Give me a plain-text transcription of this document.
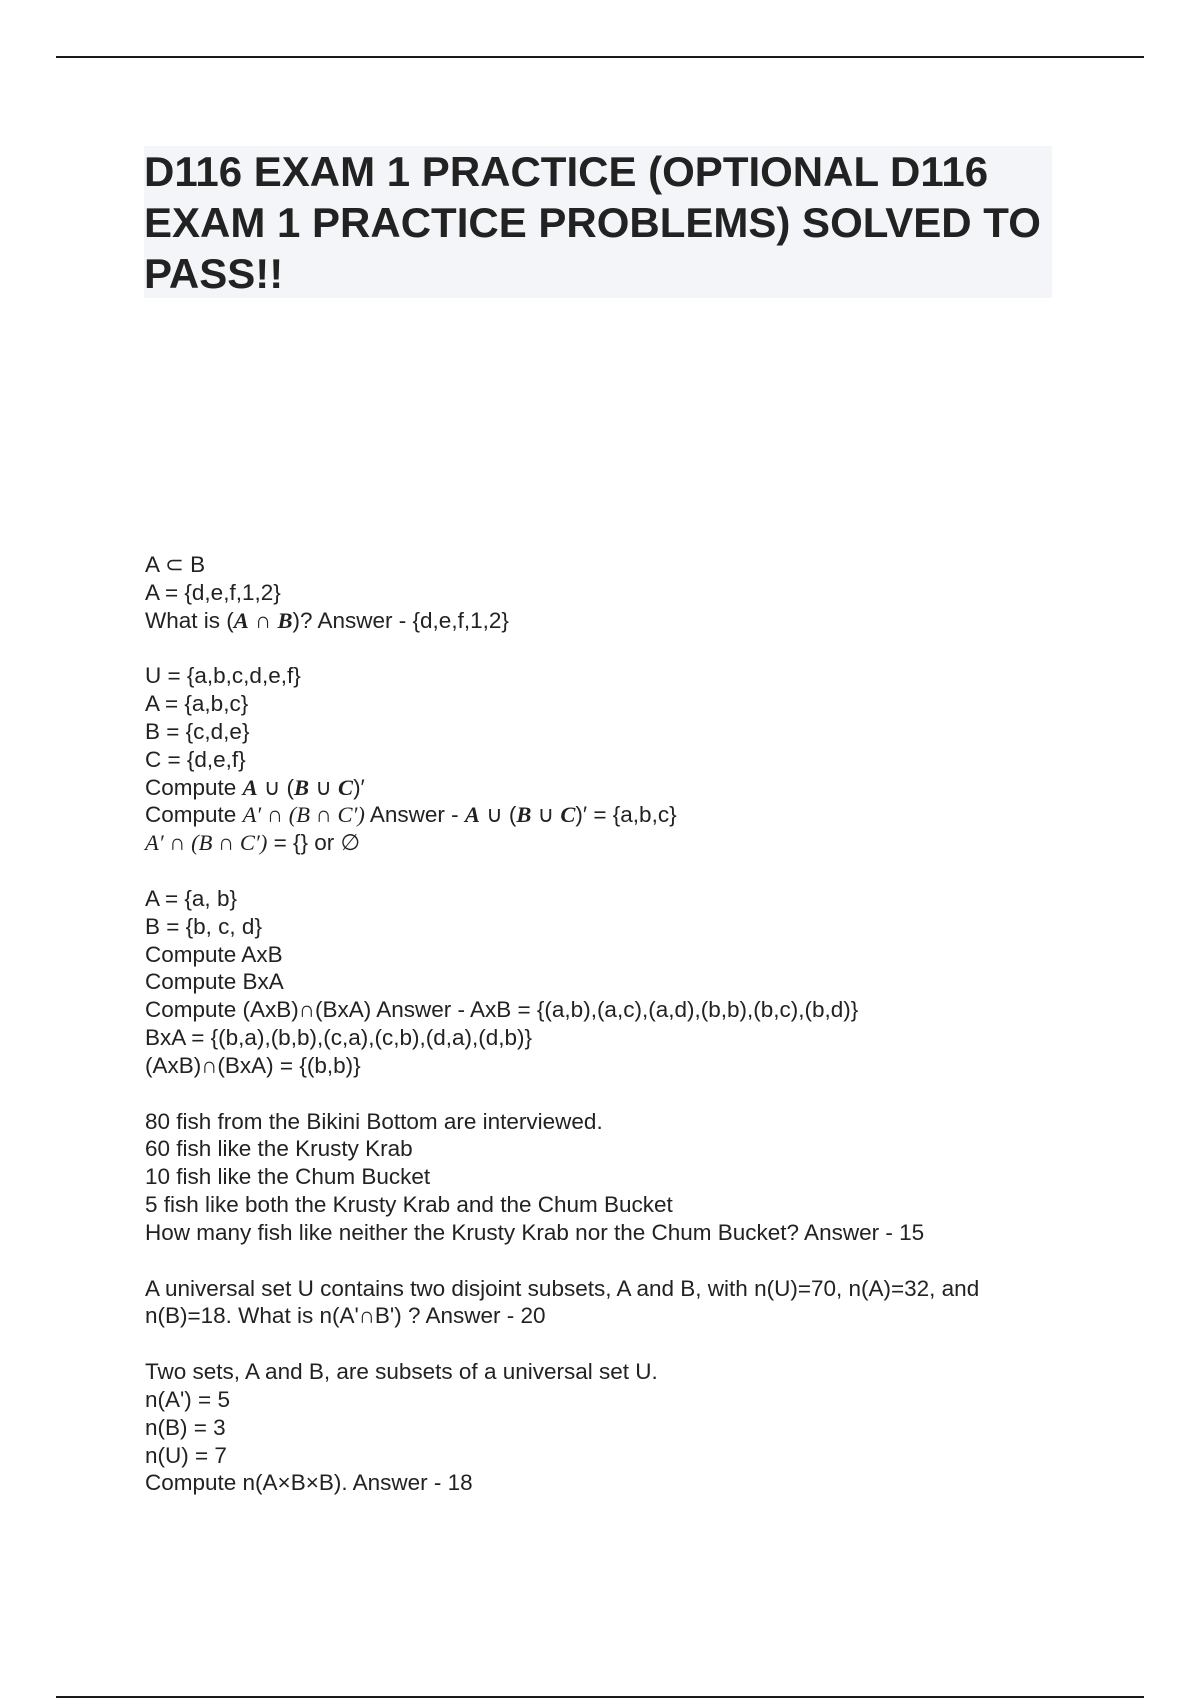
D116 EXAM 1 PRACTICE (OPTIONAL D116 EXAM 1 PRACTICE PROBLEMS) SOLVED TO PASS!!
A ⊂ B
A = {d,e,f,1,2}
What is (A ∩ B)? Answer - {d,e,f,1,2}
U = {a,b,c,d,e,f}
A = {a,b,c}
B = {c,d,e}
C = {d,e,f}
Compute A ∪ (B ∪ C)′
Compute A′ ∩ (B ∩ C′) Answer - A ∪ (B ∪ C)′ = {a,b,c}
A′ ∩ (B ∩ C′) = {} or ∅
A = {a, b}
B = {b, c, d}
Compute AxB
Compute BxA
Compute (AxB)∩(BxA) Answer - AxB = {(a,b),(a,c),(a,d),(b,b),(b,c),(b,d)}
BxA = {(b,a),(b,b),(c,a),(c,b),(d,a),(d,b)}
(AxB)∩(BxA) = {(b,b)}
80 fish from the Bikini Bottom are interviewed.
60 fish like the Krusty Krab
10 fish like the Chum Bucket
5 fish like both the Krusty Krab and the Chum Bucket
How many fish like neither the Krusty Krab nor the Chum Bucket? Answer - 15
A universal set U contains two disjoint subsets, A and B, with n(U)=70, n(A)=32, and
n(B)=18. What is n(A'∩B') ? Answer - 20
Two sets, A and B, are subsets of a universal set U.
n(A') = 5
n(B) = 3
n(U) = 7
Compute n(A×B×B). Answer - 18
